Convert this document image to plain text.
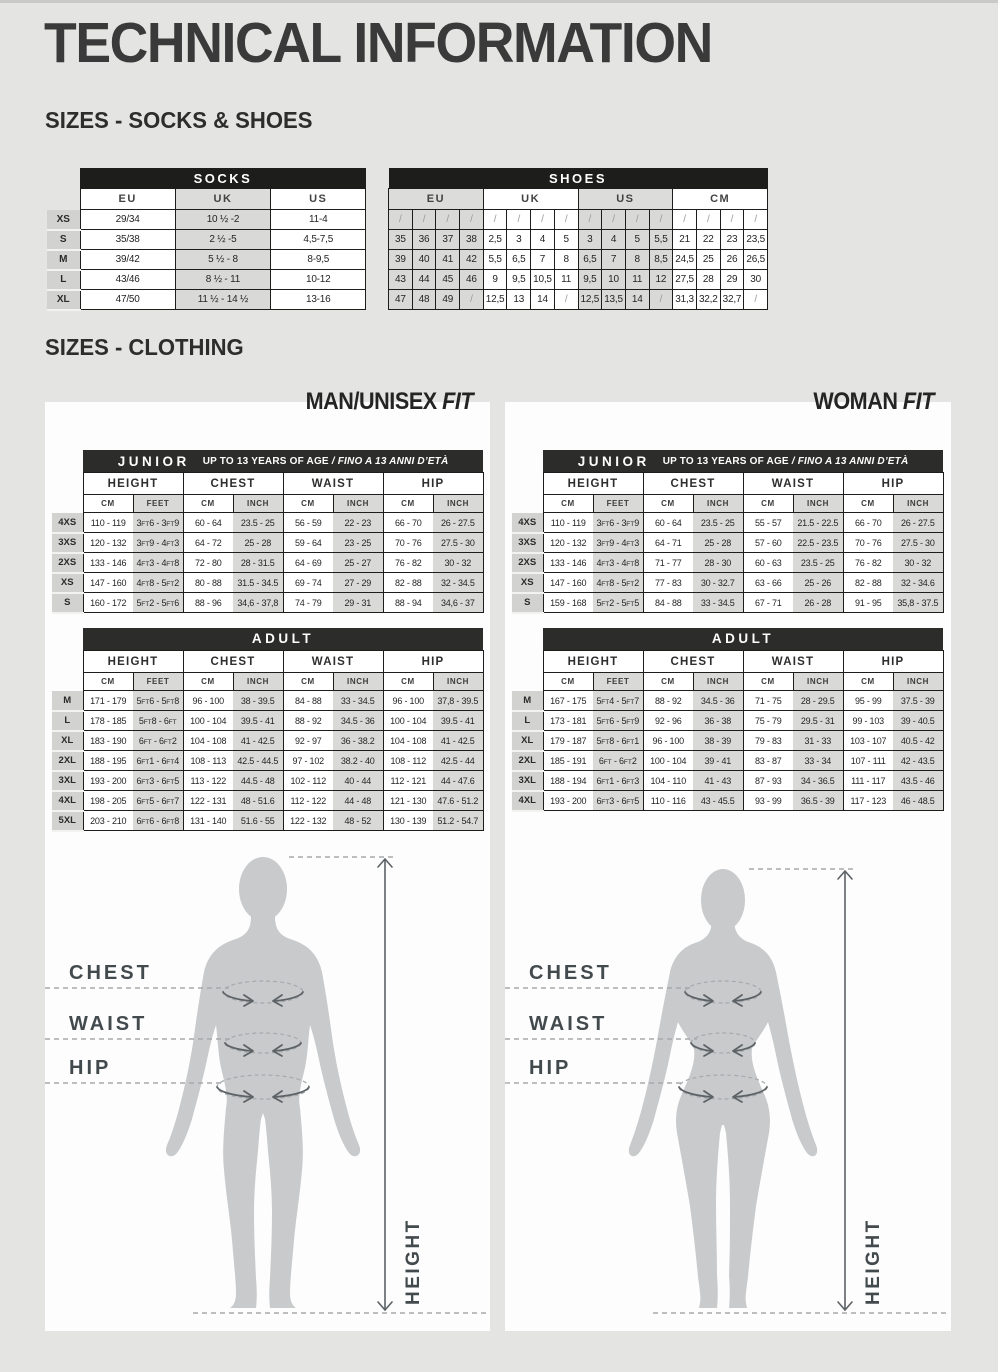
TECHNICAL INFORMATION
SIZES - SOCKS & SHOES
	SOCKS		
	EU	UK	US
XS	29/34	10 ½ -2	11-4
S	35/38	2 ½ -5	4,5-7,5
M	39/42	5 ½ - 8	8-9,5
L	43/46	8 ½ - 11	10-12
XL	47/50	11 ½ - 14 ½	13-16
SHOES															
EU				UK				US				CM			
/	/	/	/	/	/	/	/	/	/	/	/	/	/	/	/
35	36	37	38	2,5	3	4	5	3	4	5	5,5	21	22	23	23,5
39	40	41	42	5,5	6,5	7	8	6,5	7	8	8,5	24,5	25	26	26,5
43	44	45	46	9	9,5	10,5	11	9,5	10	11	12	27,5	28	29	30
47	48	49	/	12,5	13	14	/	12,5	13,5	14	/	31,3	32,2	32,7	/
SIZES - CLOTHING
MAN/UNISEX FIT

	JUNIOR UP TO 13 YEARS OF AGE / FINO A 13 ANNI D’ETÀ							

	HEIGHT		CHEST		WAIST		HIP	
	CM	FEET	CM	INCH	CM	INCH	CM	INCH
4XS	110 - 119	3FT6 - 3FT9	60 - 64	23.5 - 25	56 - 59	22 - 23	66 - 70	26 - 27.5
3XS	120 - 132	3FT9 - 4FT3	64 - 72	25 - 28	59 - 64	23 - 25	70 - 76	27.5 - 30
2XS	133 - 146	4FT3 - 4FT8	72 - 80	28 - 31.5	64 - 69	25 - 27	76 - 82	30 - 32
XS	147 - 160	4FT8 - 5FT2	80 - 88	31.5 - 34.5	69 - 74	27 - 29	82 - 88	32 - 34.5
S	160 - 172	5FT2 - 5FT6	88 - 96	34,6 - 37,8	74 - 79	29 - 31	88 - 94	34,6 - 37
	ADULT							
	HEIGHT		CHEST		WAIST		HIP	
	CM	FEET	CM	INCH	CM	INCH	CM	INCH
M	171 - 179	5FT6 - 5FT8	96 - 100	38 - 39.5	84 - 88	33 - 34.5	96 - 100	37,8 - 39.5
L	178 - 185	5FT8 - 6FT	100 - 104	39.5 - 41	88 - 92	34.5 - 36	100 - 104	39.5 - 41
XL	183 - 190	6FT - 6FT2	104 - 108	41 - 42.5	92 - 97	36 - 38.2	104 - 108	41 - 42.5
2XL	188 - 195	6FT1 - 6FT4	108 - 113	42.5 - 44.5	97 - 102	38.2 - 40	108 - 112	42.5 - 44
3XL	193 - 200	6FT3 - 6FT5	113 - 122	44.5 - 48	102 - 112	40 - 44	112 - 121	44 - 47.6
4XL	198 - 205	6FT5 - 6FT7	122 - 131	48 - 51.6	112 - 122	44 - 48	121 - 130	47.6 - 51.2
5XL	203 - 210	6FT6 - 6FT8	131 - 140	51.6 - 55	122 - 132	48 - 52	130 - 139	51.2 - 54.7
CHEST
WAIST
HIP
HEIGHT
WOMAN FIT

	JUNIOR UP TO 13 YEARS OF AGE / FINO A 13 ANNI D’ETÀ							

	HEIGHT		CHEST		WAIST		HIP	
	CM	FEET	CM	INCH	CM	INCH	CM	INCH
4XS	110 - 119	3FT6 - 3FT9	60 - 64	23.5 - 25	55 - 57	21.5 - 22.5	66 - 70	26 - 27.5
3XS	120 - 132	3FT9 - 4FT3	64 - 71	25 - 28	57 - 60	22.5 - 23.5	70 - 76	27.5 - 30
2XS	133 - 146	4FT3 - 4FT8	71 - 77	28 - 30	60 - 63	23.5 - 25	76 - 82	30 - 32
XS	147 - 160	4FT8 - 5FT2	77 - 83	30 - 32.7	63 - 66	25 - 26	82 - 88	32 - 34.6
S	159 - 168	5FT2 - 5FT5	84 - 88	33 - 34.5	67 - 71	26 - 28	91 - 95	35,8 - 37.5
	ADULT							
	HEIGHT		CHEST		WAIST		HIP	
	CM	FEET	CM	INCH	CM	INCH	CM	INCH
M	167 - 175	5FT4 - 5FT7	88 - 92	34.5 - 36	71 - 75	28 - 29.5	95 - 99	37.5 - 39
L	173 - 181	5FT6 - 5FT9	92 - 96	36 - 38	75 - 79	29.5 - 31	99 - 103	39 - 40.5
XL	179 - 187	5FT8 - 6FT1	96 - 100	38 - 39	79 - 83	31 - 33	103 - 107	40.5 - 42
2XL	185 - 191	6FT - 6FT2	100 - 104	39 - 41	83 - 87	33 - 34	107 - 111	42 - 43.5
3XL	188 - 194	6FT1 - 6FT3	104 - 110	41 - 43	87 - 93	34 - 36.5	111 - 117	43.5 - 46
4XL	193 - 200	6FT3 - 6FT5	110 - 116	43 - 45.5	93 - 99	36.5 - 39	117 - 123	46 - 48.5
CHEST
WAIST
HIP
HEIGHT
